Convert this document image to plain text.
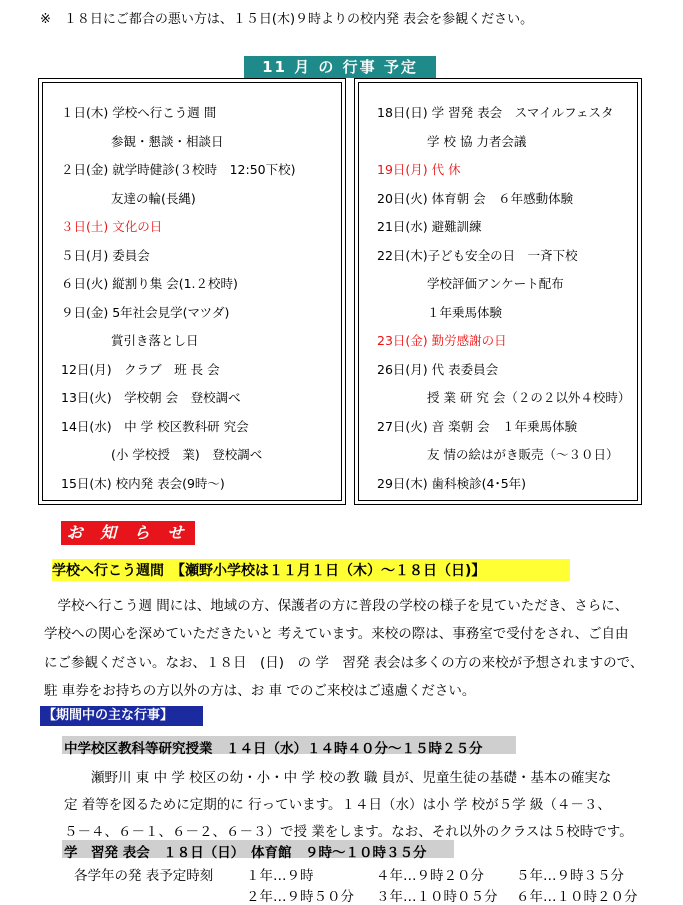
※　１８日にご都合の悪い方は、１５日(木)９時よりの校内発 表会を参観ください。
11 月 の 行事 予定
１日(木) 学校へ行こう週 間
　　　　参観・懇談・相談日
２日(金) 就学時健診(３校時　12:50下校)
　　　　友達の輪(長縄)
３日(土) 文化の日
５日(月) 委員会
６日(火) 縦割り集 会(1.２校時)
９日(金) 5年社会見学(マツダ)
　　　　賞引き落とし日
12日(月)　クラブ　班 長 会
13日(火)　学校朝 会　登校調べ
14日(水)　中 学 校区教科研 究会
　　　　(小 学校授　業)　登校調べ
15日(木) 校内発 表会(9時～)
18日(日) 学 習発 表会　スマイルフェスタ
　　　　学 校 協 力者会議
19日(月) 代 休
20日(火) 体育朝 会　６年感動体験
21日(水) 避難訓練
22日(木)子ども安全の日　一斉下校
　　　　学校評価アンケート配布
　　　　１年乗馬体験
23日(金) 勤労感謝の日
26日(月) 代 表委員会
　　　　授 業 研 究 会（２の２以外４校時）
27日(火) 音 楽朝 会　１年乗馬体験
　　　　友 情の絵はがき販売（～３０日）
29日(木) 歯科検診(4･5年)
お 知 ら せ
学校へ行こう週間　【瀬野小学校は１１月１日（木）～１８日（日)】
　学校へ行こう週 間には、地域の方、保護者の方に普段の学校の様子を見ていただき、さらに、
学校への関心を深めていただきたいと 考えています。来校の際は、事務室で受付をされ、ご自由
にご参観ください。なお、１８日　(日)　の 学　習発 表会は多くの方の来校が予想されますので、
駐 車券をお持ちの方以外の方は、お 車 でのご来校はご遠慮ください。
【期間中の主な行事】
中学校区教科等研究授業　１４日（水）１４時４０分～１５時２５分
　　瀬野川 東 中 学 校区の幼・小・中 学 校の教 職 員が、児童生徒の基礎・基本の確実な
定 着等を図るために定期的に 行っています。１４日（水）は小 学 校が５学 級（４－３、
５－４、６－１、６－２、６－３）で授 業をします。なお、それ以外のクラスは５校時です。
学　習発 表会　１８日（日）　体育館　９時～１０時３５分
各学年の発 表予定時刻 １年…９時	４年…９時２０分 ５年…９時３５分
２年…９時５０分 ３年…１０時０５分 ６年…１０時２０分
